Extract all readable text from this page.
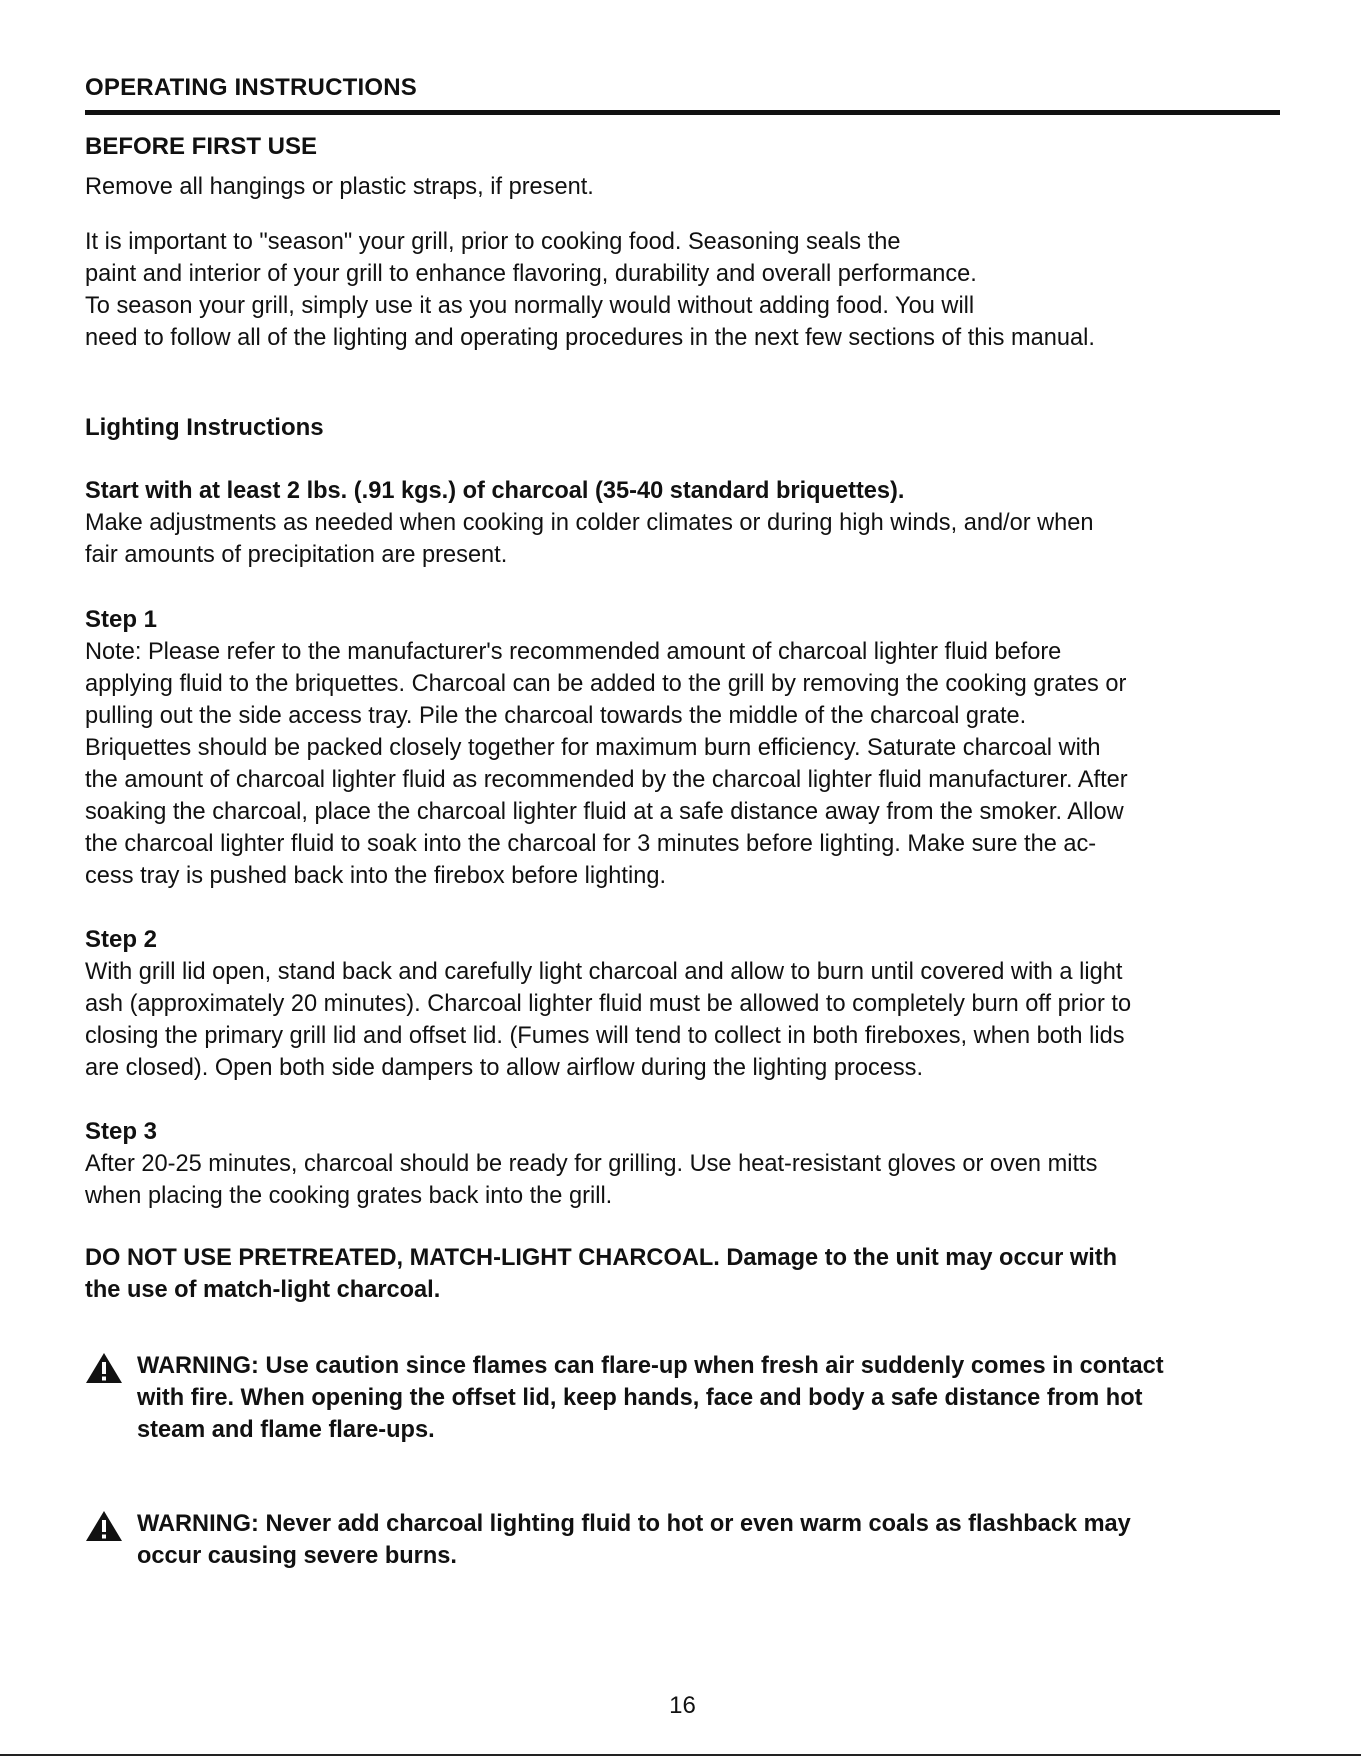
OPERATING INSTRUCTIONS
BEFORE FIRST USE
Remove all hangings or plastic straps, if present.
It is important to "season" your grill, prior to cooking food. Seasoning seals the
paint and interior of your grill to enhance flavoring, durability and overall performance.
To season your grill, simply use it as you normally would without adding food. You will
need to follow all of the lighting and operating procedures in the next few sections of this manual.
Lighting Instructions
Start with at least 2 lbs. (.91 kgs.) of charcoal (35-40 standard briquettes).
Make adjustments as needed when cooking in colder climates or during high winds, and/or when
fair amounts of precipitation are present.
Step 1
Note: Please refer to the manufacturer's recommended amount of charcoal lighter fluid before
applying fluid to the briquettes. Charcoal can be added to the grill by removing the cooking grates or
pulling out the side access tray. Pile the charcoal towards the middle of the charcoal grate.
Briquettes should be packed closely together for maximum burn efficiency. Saturate charcoal with
the amount of charcoal lighter fluid as recommended by the charcoal lighter fluid manufacturer. After
soaking the charcoal, place the charcoal lighter fluid at a safe distance away from the smoker. Allow
the charcoal lighter fluid to soak into the charcoal for 3 minutes before lighting. Make sure the ac-
cess tray is pushed back into the firebox before lighting.
Step 2
With grill lid open, stand back and carefully light charcoal and allow to burn until covered with a light
ash (approximately 20 minutes). Charcoal lighter fluid must be allowed to completely burn off prior to
closing the primary grill lid and offset lid. (Fumes will tend to collect in both fireboxes, when both lids
are closed). Open both side dampers to allow airflow during the lighting process.
Step 3
After 20-25 minutes, charcoal should be ready for grilling. Use heat-resistant gloves or oven mitts
when placing the cooking grates back into the grill.
DO NOT USE PRETREATED, MATCH-LIGHT CHARCOAL. Damage to the unit may occur with
the use of match-light charcoal.
WARNING: Use caution since flames can flare-up when fresh air suddenly comes in contact
with fire. When opening the offset lid, keep hands, face and body a safe distance from hot
steam and flame flare-ups.
WARNING: Never add charcoal lighting fluid to hot or even warm coals as flashback may
occur causing severe burns.
16
